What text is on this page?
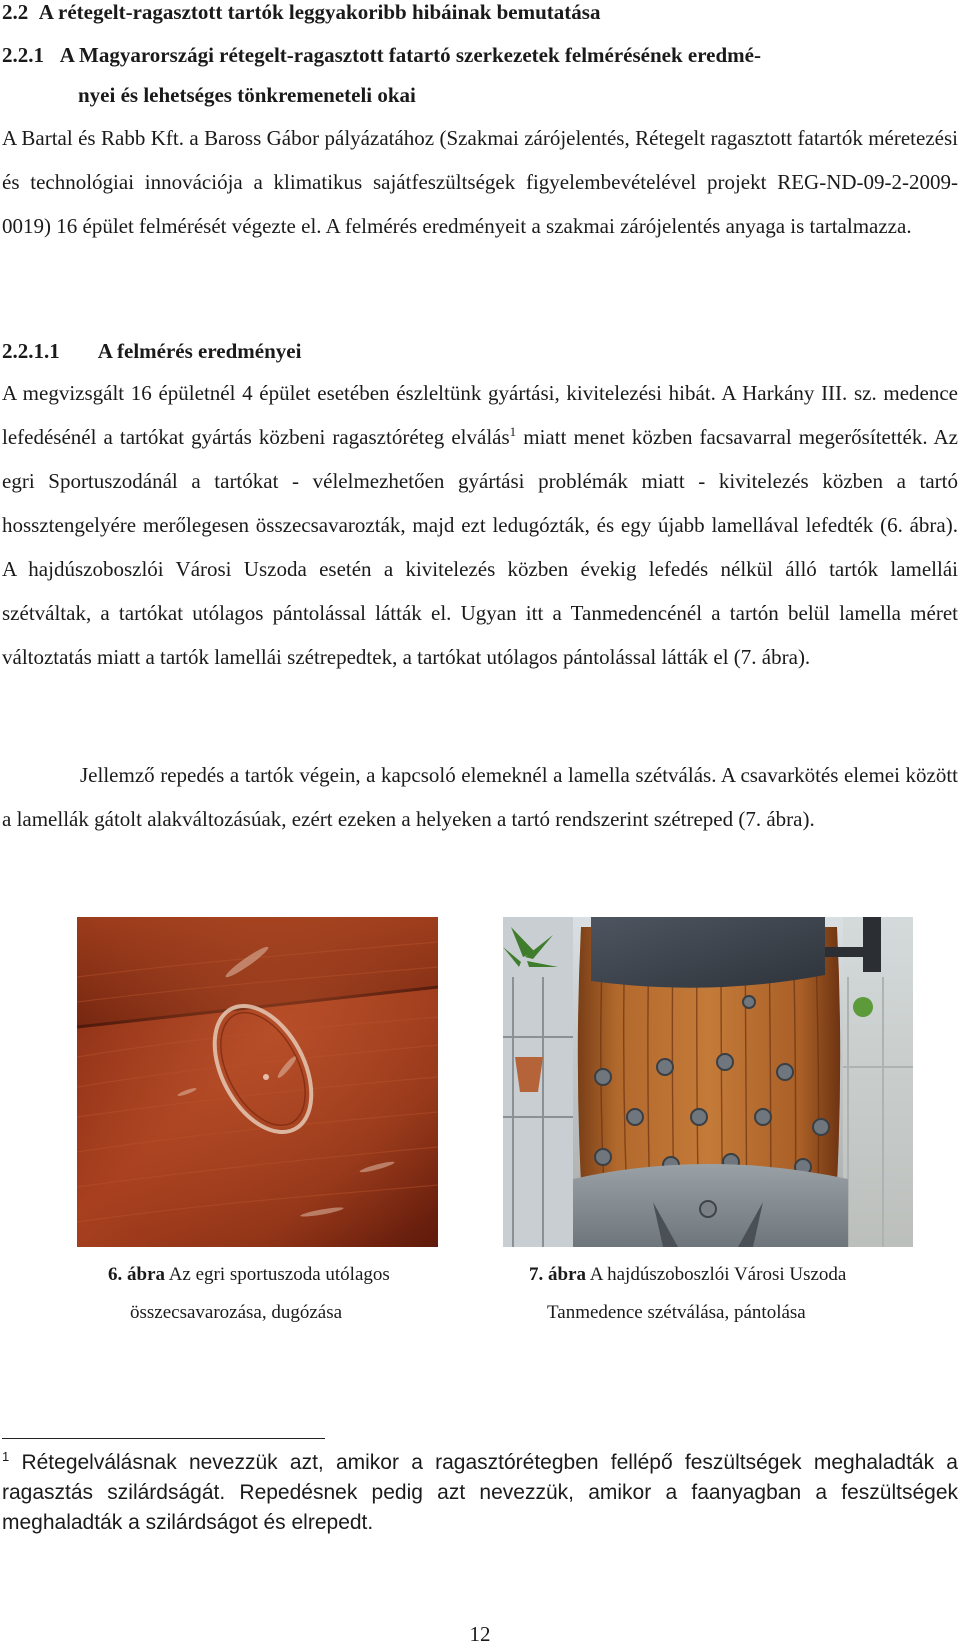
2.2 A rétegelt-ragasztott tartók leggyakoribb hibáinak bemutatása
2.2.1 A Magyarországi rétegelt-ragasztott fatartó szerkezetek felmérésének eredmé-
nyei és lehetséges tönkremeneteli okai

A Bartal és Rabb Kft. a Baross Gábor pályázatához (Szakmai zárójelentés, Rétegelt ragasztott fatartók méretezési és technológiai innovációja a klimatikus sajátfeszültségek figyelembevételével projekt REG-ND-09-2-2009-0019) 16 épület felmérését végezte el. A felmérés eredményeit a szakmai zárójelentés anyaga is tartalmazza.

2.2.1.1 A felmérés eredményei

A megvizsgált 16 épületnél 4 épület esetében észleltünk gyártási, kivitelezési hibát. A Harkány III. sz. medence lefedésénél a tartókat gyártás közbeni ragasztóréteg elválás$^1$ miatt menet közben facsavarral megerősítették. Az egri Sportuszodánál a tartókat - vélelmezhetően gyártási problémák miatt - kivitelezés közben a tartó hossztengelyére merőlegesen összecsavarozták, majd ezt ledugózták, és egy újabb lamellával lefedték (6. ábra). A hajdúszoboszlói Városi Uszoda esetén a kivitelezés közben évekig lefedés nélkül álló tartók lamellái szétváltak, a tartókat utólagos pántolással látták el. Ugyan itt a Tanmedencénél a tartón belül lamella méret változtatás miatt a tartók lamellái szétrepedtek, a tartókat utólagos pántolással látták el (7. ábra).

Jellemző repedés a tartók végein, a kapcsoló elemeknél a lamella szétválás. A csavarkötés elemei között a lamellák gátolt alakváltozásúak, ezért ezeken a helyeken a tartó rendszerint szétreped (7. ábra).

6. ábra Az egri sportuszoda utólagos
összecsavarozása, dugózása
7. ábra A hajdúszoboszlói Városi Uszoda
Tanmedence szétválása, pántolása

$^1$ Rétegelválásnak nevezzük azt, amikor a ragasztórétegben fellépő feszültségek meghaladták a ragasztás szilárdságát. Repedésnek pedig azt nevezzük, amikor a faanyagban a feszültségek meghaladták a szilárdságot és elrepedt.

12
